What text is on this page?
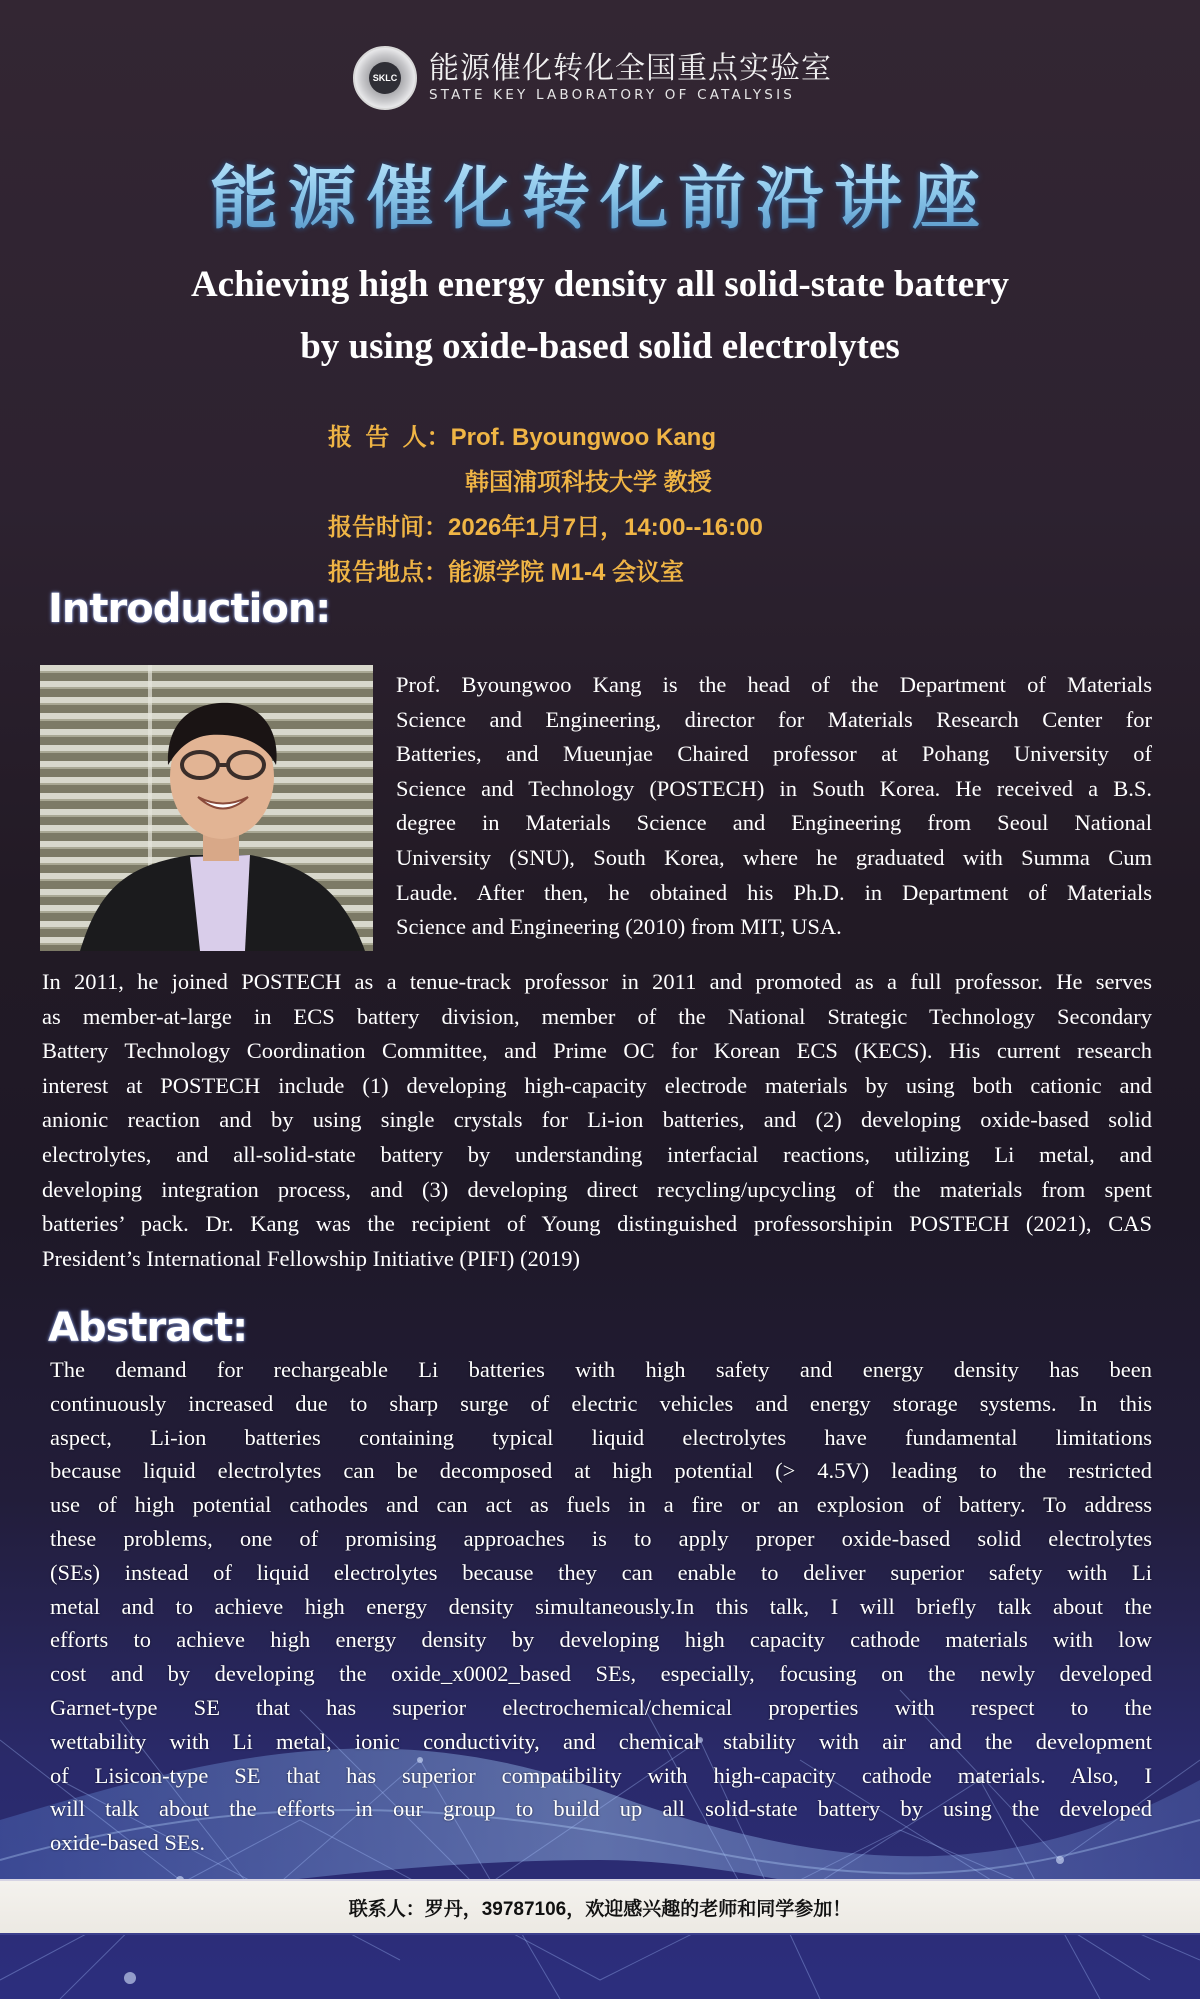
SKLC 能源催化转化全国重点实验室
STATE KEY LABORATORY OF CATALYSIS
能源催化转化前沿讲座
Achieving high energy density all solid-state battery
by using oxide-based solid electrolytes
报  告  人：Prof. Byoungwoo Kang
韩国浦项科技大学 教授
报告时间：2026年1月7日，14:00--16:00
报告地点：能源学院 M1-4 会议室
Introduction:
Prof. Byoungwoo Kang is the head of the Department of Materials
Science and Engineering, director for Materials Research Center for
Batteries, and Mueunjae Chaired professor at Pohang University of
Science and Technology (POSTECH) in South Korea. He received a B.S.
degree in Materials Science and Engineering from Seoul National
University (SNU), South Korea, where he graduated with Summa Cum
Laude. After then, he obtained his Ph.D. in Department of Materials
Science and Engineering (2010) from MIT, USA.
In 2011, he joined POSTECH as a tenue-track professor in 2011 and promoted as a full professor. He serves
as member-at-large in ECS battery division, member of the National Strategic Technology Secondary
Battery Technology Coordination Committee, and Prime OC for Korean ECS (KECS). His current research
interest at POSTECH include (1) developing high-capacity electrode materials by using both cationic and
anionic reaction and by using single crystals for Li-ion batteries, and (2) developing oxide-based solid
electrolytes, and all-solid-state battery by understanding interfacial reactions, utilizing Li metal, and
developing integration process, and (3) developing direct recycling/upcycling of the materials from spent
batteries’ pack. Dr. Kang was the recipient of Young distinguished professorshipin POSTECH (2021), CAS
President’s International Fellowship Initiative (PIFI) (2019)
Abstract:
The demand for rechargeable Li batteries with high safety and energy density has been
continuously increased due to sharp surge of electric vehicles and energy storage systems. In this
aspect, Li-ion batteries containing typical liquid electrolytes have fundamental limitations
because liquid electrolytes can be decomposed at high potential (> 4.5V) leading to the restricted
use of high potential cathodes and can act as fuels in a fire or an explosion of battery. To address
these problems, one of promising approaches is to apply proper oxide-based solid electrolytes
(SEs) instead of liquid electrolytes because they can enable to deliver superior safety with Li
metal and to achieve high energy density simultaneously.In this talk, I will briefly talk about the
efforts to achieve high energy density by developing high capacity cathode materials with low
cost and by developing the oxide_x0002_based SEs, especially, focusing on the newly developed
Garnet-type SE that has superior electrochemical/chemical properties with respect to the
wettability with Li metal, ionic conductivity, and chemical stability with air and the development
of Lisicon-type SE that has superior compatibility with high-capacity cathode materials. Also, I
will talk about the efforts in our group to build up all solid-state battery by using the developed
oxide-based SEs.
联系人：罗丹，39787106，欢迎感兴趣的老师和同学参加！
